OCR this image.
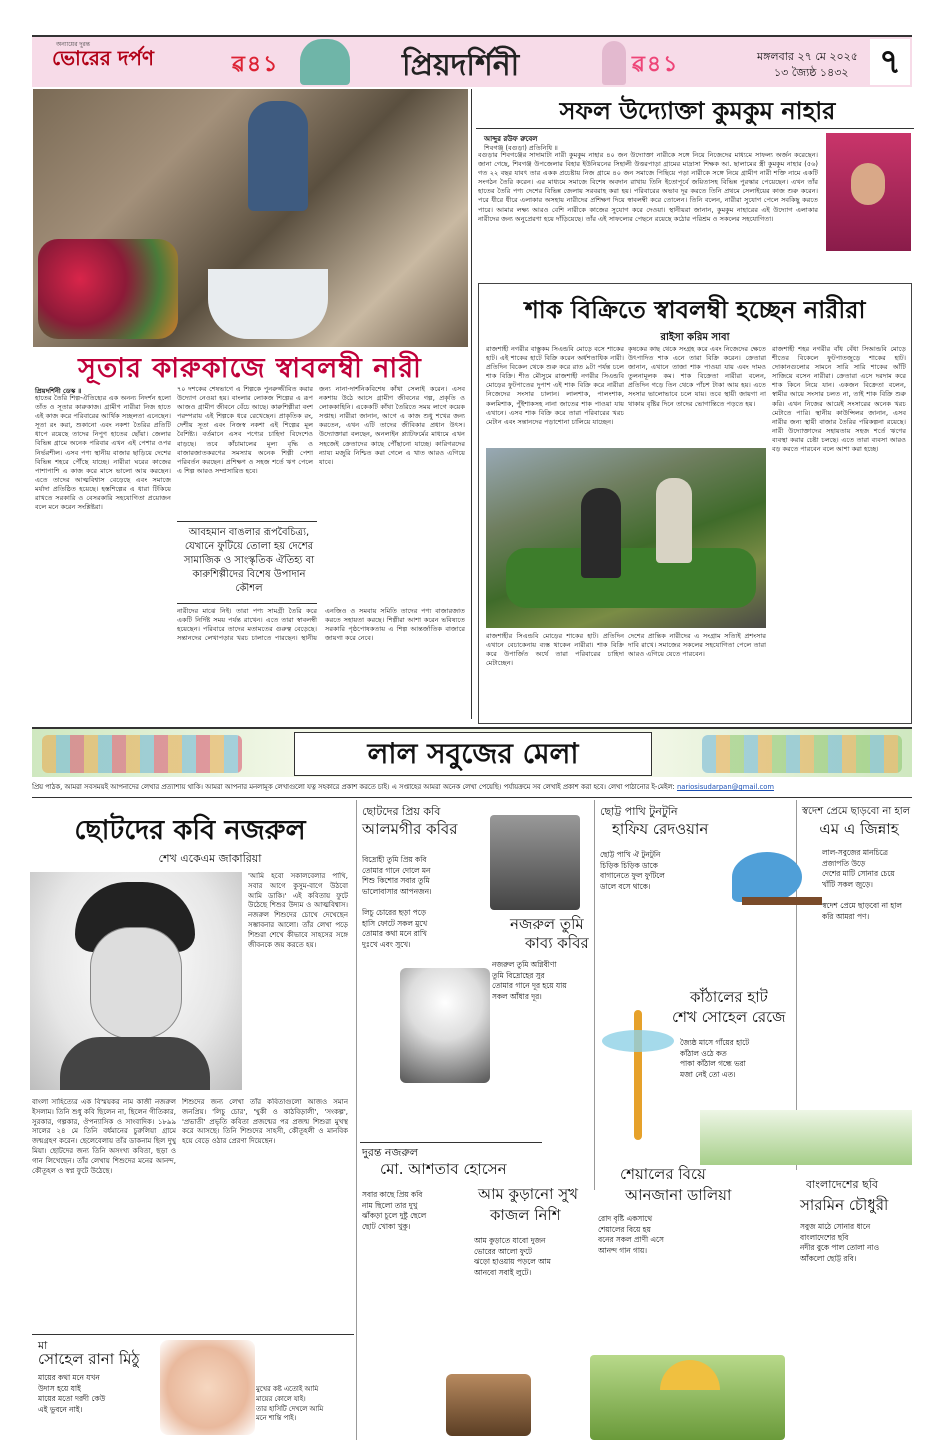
অন্যায়ের দুরন্ত
ভোরের দর্পণ	ৱ৪১	প্রিয়দর্শিনী	ৱ৪১	মঙ্গলবার ২৭ মে ২০২৫
১৩ জ্যৈষ্ঠ ১৪৩২ ৭
সফল উদ্যোক্তা কুমকুম নাহার
আব্দুর রউফ রুবেল
শিবগঞ্জ (বগুড়া) প্রতিনিধি ॥
বগুড়ার শিবগঞ্জের সাদামাটা নারী কুমকুম নাহার ৪০ জন উদ্যোক্তা নারীকে সঙ্গে নিয়ে নিজেদের মাধ্যমে সাফল্য অর্জন করেছেন। জানা গেছে, শিবগঞ্জ উপজেলার বিহার ইউনিয়নের সিহালী উত্তরপাড়া গ্রামের মাদ্রাসা শিক্ষক আ. ছালামের স্ত্রী কুমকুম নাহার (৫৬) গত ২২ বছর যাবৎ তার একক প্রচেষ্টায় নিজ গ্রামে ৪০ জন সমাজে পিছিয়ে পড়া নারীকে সঙ্গে নিয়ে গ্রামীণ নারী শক্তি নামে একটি সংগঠন তৈরি করেন। এর মাধ্যমে সমাজে বিশেষ অবদান রাখায় তিনি ইতোপূর্বে জয়িতাসহ বিভিন্ন পুরস্কার পেয়েছেন। এখন তাঁর হাতের তৈরি পণ্য দেশের বিভিন্ন জেলায় সরবরাহ করা হয়। পরিবারের অভাব দূর করতে তিনি প্রথমে সেলাইয়ের কাজ শুরু করেন। পরে ধীরে ধীরে এলাকার অসহায় নারীদের প্রশিক্ষণ দিয়ে স্বাবলম্বী করে তোলেন। তিনি বলেন, নারীরা সুযোগ পেলে সবকিছু করতে পারে। আমার লক্ষ্য আরও বেশি নারীকে কাজের সুযোগ করে দেওয়া। স্থানীয়রা জানান, কুমকুম নাহারের এই উদ্যোগ এলাকার নারীদের জন্য অনুপ্রেরণা হয়ে দাঁড়িয়েছে। তাঁর এই সাফল্যের পেছনে রয়েছে কঠোর পরিশ্রম ও সকলের সহযোগিতা।
সূতার কারুকাজে স্বাবলম্বী নারী
প্রিয়দর্শিনী ডেস্ক ॥
হাতের তৈরি শিল্প-ঐতিহ্যের এক অনন্য নিদর্শন হলো তাঁত ও সূতার কারুকাজ। গ্রামীণ নারীরা নিজ হাতে এই কাজ করে পরিবারের আর্থিক সচ্ছলতা এনেছেন। সূতা রং করা, শুকানো এবং নকশা তৈরির প্রতিটি ধাপে রয়েছে তাদের নিপুণ হাতের ছোঁয়া। জেলার বিভিন্ন গ্রামে অনেক পরিবার এখন এই পেশার ওপর নির্ভরশীল। এসব পণ্য স্থানীয় বাজার ছাড়িয়ে দেশের বিভিন্ন শহরে পৌঁছে যাচ্ছে। নারীরা ঘরের কাজের পাশাপাশি এ কাজ করে মাসে ভালো আয় করছেন। এতে তাদের আত্মবিশ্বাস বেড়েছে এবং সমাজে মর্যাদা প্রতিষ্ঠিত হয়েছে। হস্তশিল্পের এ ধারা টিকিয়ে রাখতে সরকারি ও বেসরকারি সহযোগিতা প্রয়োজন বলে মনে করেন সংশ্লিষ্টরা।
৭০ দশকের শেষভাগে এ শিল্পকে পুনরুজ্জীবিত করার উদ্যোগ নেওয়া হয়। বাংলার লোকজ শিল্পের এ রূপ আজও গ্রামীণ জীবনে বেঁচে আছে। কারুশিল্পীরা বংশ পরম্পরায় এই শিল্পকে ধরে রেখেছেন। প্রাকৃতিক রং, দেশীয় সূতা এবং নিজস্ব নকশা এই শিল্পের মূল বৈশিষ্ট্য। বর্তমানে এসব পণ্যের চাহিদা বিদেশেও বাড়ছে। তবে কাঁচামালের মূল্য বৃদ্ধি ও বাজারজাতকরণের সমস্যায় অনেক শিল্পী পেশা পরিবর্তন করছেন। প্রশিক্ষণ ও সহজ শর্তে ঋণ পেলে এ শিল্প আরও সম্প্রসারিত হবে।
জন্য নানা-দার্শনিকবিশেষ কাঁথা সেলাই করেন। এসব নকশায় উঠে আসে গ্রামীণ জীবনের গল্প, প্রকৃতি ও লোককাহিনি। একেকটি কাঁথা তৈরিতে সময় লাগে কয়েক সপ্তাহ। নারীরা জানান, আগে এ কাজ শুধু শখের জন্য করতেন, এখন এটি তাদের জীবিকার প্রধান উৎস। উদ্যোক্তারা বলছেন, অনলাইন প্ল্যাটফর্মের মাধ্যমে এখন সহজেই ক্রেতাদের কাছে পৌঁছানো যাচ্ছে। কারিগরদের ন্যায্য মজুরি নিশ্চিত করা গেলে এ খাত আরও এগিয়ে যাবে।
আবহমান বাঙলার রূপবৈচিত্র্য, যেখানে ফুটিয়ে তোলা হয় দেশের সামাজিক ও সাংস্কৃতিক ঐতিহ্য বা কারুশিল্পীদের বিশেষ উপাদান কৌশল
নারীদের মাঝে নিই। তারা পণ্য সামগ্রী তৈরি করে একটি নির্দিষ্ট সময় পর্যন্ত রাখেন। এতে তারা স্বাবলম্বী হয়েছেন। পরিবারে তাদের মতামতের গুরুত্ব বেড়েছে। সন্তানদের লেখাপড়ার খরচ চালাতে পারছেন। স্থানীয় এনজিও ও সমবায় সমিতি তাদের পণ্য বাজারজাত করতে সহায়তা করছে। শিল্পীরা আশা করেন ভবিষ্যতে সরকারি পৃষ্ঠপোষকতায় এ শিল্প আন্তর্জাতিক বাজারে জায়গা করে নেবে।
শাক বিক্রিতে স্বাবলম্বী হচ্ছেন নারীরা
রাইসা করিম সাবা
রাজশাহী নগরীর বাস্তুকম সিএন্ডবি মোড়ে বসে শাকের হাট। এই শাকের হাটে বিক্রি করেন অর্ধশতাধিক নারী। প্রতিদিন বিকেল থেকে শুরু করে রাত ৯টা পর্যন্ত চলে শাক বিক্রি। শীত মৌসুমে রাজশাহী নগরীর সিএন্ডবি মোড়ের ফুটপাতের দুপাশ এই শাক বিক্রি করে নারীরা নিজেদের সংসার চালান। লালশাক, পালংশাক, কলমিশাক, পুঁইশাকসহ নানা জাতের শাক পাওয়া যায় এখানে। এসব শাক বিক্রি করে তারা পরিবারের খরচ মেটান এবং সন্তানদের পড়াশোনা চালিয়ে যাচ্ছেন।
কৃষকের কাছ থেকে সংগ্রহ করে এবং নিজেদের ক্ষেতে উৎপাদিত শাক এনে তারা বিক্রি করেন। ক্রেতারা জানান, এখানে তাজা শাক পাওয়া যায় এবং দামও তুলনামূলক কম। শাক বিক্রেতা নারীরা বলেন, প্রতিদিন গড়ে তিন থেকে পাঁচশ টাকা আয় হয়। এতে সংসার ভালোভাবে চলে যায়। তবে স্থায়ী জায়গা না থাকায় বৃষ্টির দিনে তাদের ভোগান্তিতে পড়তে হয়।
রাজশাহী শহর নগরীর বাঁধ বেঁধা সিআন্ডবি মোড়ে শীতের বিকেলে ফুটপাতজুড়ে শাকের হাট। দোকানগুলোর সামনে সারি সারি শাকের আঁটি সাজিয়ে বসেন নারীরা। ক্রেতারা এসে দরদাম করে শাক কিনে নিয়ে যান। একজন বিক্রেতা বলেন, স্বামীর আয়ে সংসার চলত না, তাই শাক বিক্রি শুরু করি। এখন নিজের আয়েই সংসারের অনেক খরচ মেটাতে পারি। স্থানীয় কাউন্সিলর জানান, এসব নারীর জন্য স্থায়ী বাজার তৈরির পরিকল্পনা রয়েছে। নারী উদ্যোক্তাদের সহায়তায় সহজ শর্তে ঋণের ব্যবস্থা করার চেষ্টা চলছে। এতে তারা ব্যবসা আরও বড় করতে পারবেন বলে আশা করা হচ্ছে।
রাজশাহীর সিএন্ডবি মোড়ের শাকের হাট। প্রতিদিন এখানে বেচাকেনায় ব্যস্ত থাকেন নারীরা। শাক বিক্রি করে উপার্জিত অর্থে তারা পরিবারের চাহিদা মেটাচ্ছেন।
দেশের প্রান্তিক নারীদের এ সংগ্রাম সত্যিই প্রশংসার দাবি রাখে। সমাজের সকলের সহযোগিতা পেলে তারা আরও এগিয়ে যেতে পারবেন।
লাল সবুজের মেলা
প্রিয় পাঠক, আমরা সবসময়ই আপনাদের লেখার প্রত্যাশায় থাকি। আমরা আপনার মনলামূক লেখাগুলো যত্ন সহকারে প্রকাশ করতে চাই। এ সপ্তাহের আমরা অনেক লেখা পেয়েছি। পর্যায়ক্রমে সব লেখাই প্রকাশ করা হবে। লেখা পাঠানোর ই-মেইল: nariosisudarpan@gmail.com
ছোটদের কবি নজরুল
শেখ একেএম জাকারিয়া
'আমি হবো সকালবেলার পাখি, সবার আগে কুসুম-বাগে উঠবো আমি ডাকি।' এই কবিতায় ফুটে উঠেছে শিশুর উদ্যম ও আত্মবিশ্বাস। নজরুল শিশুদের চোখে দেখেছেন সম্ভাবনার আলো। তাঁর লেখা পড়ে শিশুরা শেখে কীভাবে সাহসের সঙ্গে জীবনকে জয় করতে হয়।
বাংলা সাহিত্যের এক বিস্ময়কর নাম কাজী নজরুল ইসলাম। তিনি শুধু কবি ছিলেন না, ছিলেন গীতিকার, সুরকার, গল্পকার, ঔপন্যাসিক ও সাংবাদিক। ১৮৯৯ সালের ২৪ মে তিনি বর্ধমানের চুরুলিয়া গ্রামে জন্মগ্রহণ করেন। ছেলেবেলায় তাঁর ডাকনাম ছিল দুখু মিয়া। ছোটদের জন্য তিনি অসংখ্য কবিতা, ছড়া ও গান লিখেছেন। তাঁর লেখায় শিশুদের মনের আনন্দ, কৌতূহল ও স্বপ্ন ফুটে উঠেছে।
শিশুদের জন্য লেখা তাঁর কবিতাগুলো আজও সমান জনপ্রিয়। 'লিচু চোর', 'খুকী ও কাঠবিড়ালী', 'সংকল্প', 'প্রভাতী' প্রভৃতি কবিতা প্রজন্মের পর প্রজন্ম শিশুরা মুখস্থ করে আসছে। তিনি শিশুদের সাহসী, কৌতূহলী ও মানবিক হয়ে বেড়ে ওঠার প্রেরণা দিয়েছেন।
মা
সোহেল রানা মিঠু
মায়ের কথা মনে যখন
উদাস হয়ে যাই
মায়ের মতো দরদী কেউ
এই ভুবনে নাই।
মুখের কষ্ট এতোই আমি
মায়ের কোলে যাই।
তার হাসিটি দেখলে আমি
মনে শান্তি পাই।
ছোটদের প্রিয় কবি
আলমগীর কবির
বিদ্রোহী তুমি প্রিয় কবি
তোমার গানে দোলে মন
শিশু কিশোর সবার তুমি
ভালোবাসার আপনজন।

লিচু চোরের ছড়া পড়ে
হাসি ফোটে সকল মুখে
তোমার কথা মনে রাখি
দুঃখে এবং সুখে।
নজরুল তুমি
কাব্য কবির
নজরুল তুমি অগ্নিবীণা
তুমি বিদ্রোহের সুর
তোমার গানে দূর হয়ে যায়
সকল আঁধার দূর।
দুরন্ত নজরুল
মো. আশতাব হোসেন
সবার কাছে প্রিয় কবি
নাম ছিলো তার দুখু
ঝাঁকড়া চুলে দুষ্টু ছেলে
ছোট খোকা খুকু।
আম কুড়ানো সুখ
কাজল নিশি
আম কুড়াতে যাবো দুজন
ভোরের আলো ফুটে
ঝড়ো হাওয়ায় পড়লে আম
আনবো সবাই লুটে।
ছোট্ট পাখি টুনটুনি
হাফিয রেদওয়ান
ছোট্ট পাখি ঐ টুনটুনি
চিড়িক চিড়িক ডাকে
বাগানেতে ফুল ফুটিলে
ডালে বসে থাকে।
কাঁঠালের হাট
শেখ সোহেল রেজে
জ্যৈষ্ঠ মাসে গাঁয়ের হাটে
কাঁঠাল ওঠে কত
পাকা কাঁঠাল গন্ধে ভরা
মজা নেই তো এত।
স্বদেশ প্রেমে ছাড়বো না হাল
এম এ জিন্নাহ
লাল-সবুজের মানচিত্রে
প্রজাপতি উড়ে
দেশের মাটি সোনার চেয়ে
খাঁটি সকল জুড়ে।

স্বদেশ প্রেমে ছাড়বো না হাল
করি আমরা পণ।
শেয়ালের বিয়ে
আনজানা ডালিয়া
রোদ বৃষ্টি একসাথে
শেয়ালের বিয়ে হয়
বনের সকল প্রাণী এসে
আনন্দ গান গায়।
বাংলাদেশের ছবি
সারমিন চৌধুরী
সবুজ মাঠে সোনার ধানে
বাংলাদেশের ছবি
নদীর বুকে পাল তোলা নাও
আঁকলো ছোট্ট রবি।
